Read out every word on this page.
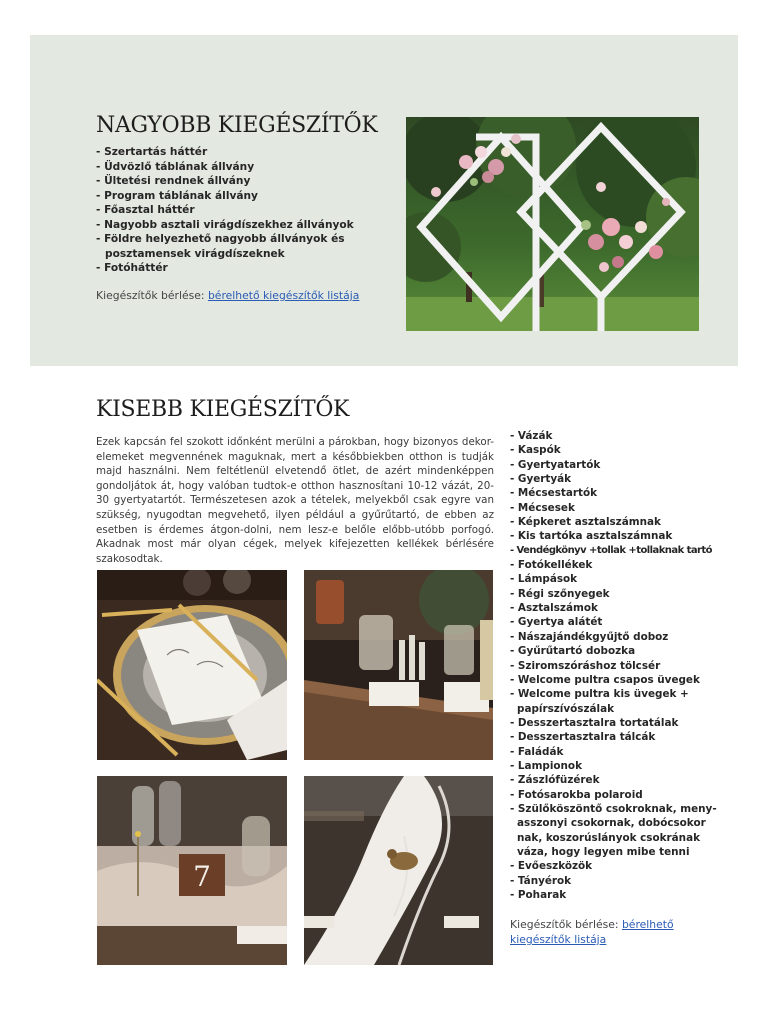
NAGYOBB KIEGÉSZÍTŐK
- Szertartás háttér
- Üdvözlő táblának állvány
- Ültetési rendnek állvány
- Program táblának állvány
- Főasztal háttér
- Nagyobb asztali virágdíszekhez állványok
- Földre helyezhető nagyobb állványok és posztamensek virágdíszeknek
- Fotóháttér

Kiegészítők bérlése: bérelhető kiegészítők listája

KISEBB KIEGÉSZÍTŐK

Ezek kapcsán fel szokott időnként merülni a párokban, hogy bizonyos dekor-elemeket megvennének maguknak, mert a későbbiekben otthon is tudják majd használni. Nem feltétlenül elvetendő ötlet, de azért mindenképpen gondoljátok át, hogy valóban tudtok-e otthon hasznosítani 10-12 vázát, 20-30 gyertyatartót. Természetesen azok a tételek, melyekből csak egyre van szükség, nyugodtan megvehető, ilyen például a gyűrűtartó, de ebben az esetben is érdemes átgon-dolni, nem lesz-e belőle előbb-utóbb porfogó. Akadnak most már olyan cégek, melyek kifejezetten kellékek bérlésére szakosodtak.

- Vázák
- Kaspók
- Gyertyatartók
- Gyertyák
- Mécsestartók
- Mécsesek
- Képkeret asztalszámnak
- Kis tartóka asztalszámnak
- Vendégkönyv +tollak +tollaknak tartó
- Fotókellékek
- Lámpások
- Régi szőnyegek
- Asztalszámok
- Gyertya alátét
- Nászajándékgyűjtő doboz
- Gyűrűtartó dobozka
- Sziromszóráshoz tölcsér
- Welcome pultra csapos üvegek
- Welcome pultra kis üvegek + papírszívószálak
- Desszertasztalra tortatálak
- Desszertasztalra tálcák
- Faládák
- Lampionok
- Zászlófüzérek
- Fotósarokba polaroid
- Szülőköszöntő csokroknak, meny-asszonyi csokornak, dobócsokor nak, koszorúslányok csokrának váza, hogy legyen mibe tenni
- Evőeszközök
- Tányérok
- Poharak

Kiegészítők bérlése: bérelhető kiegészítők listája

7
